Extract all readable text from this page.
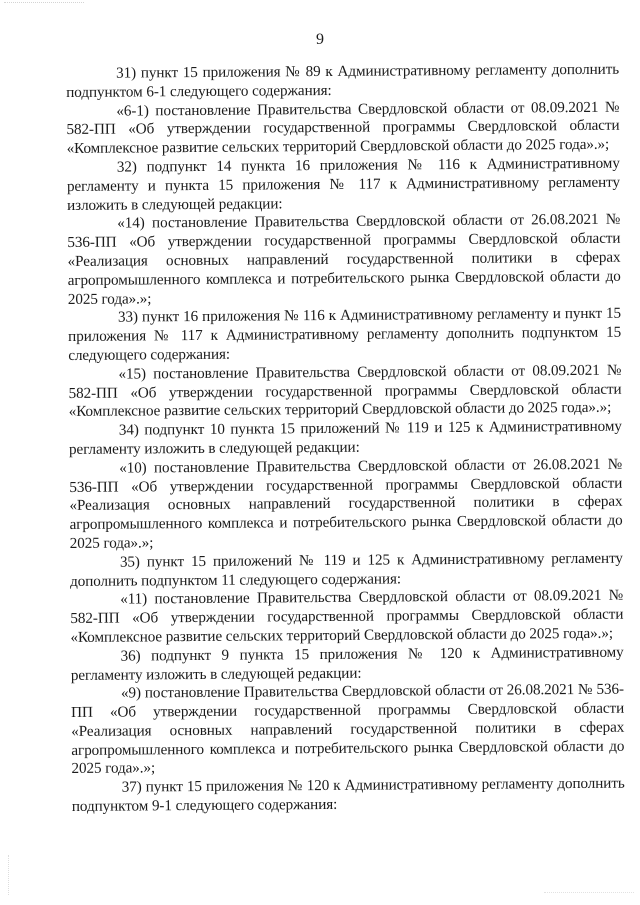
9

31) пункт 15 приложения № 89 к Административному регламенту дополнить подпунктом 6-1 следующего содержания:

«6-1) постановление Правительства Свердловской области от 08.09.2021 № 582-ПП «Об утверждении государственной программы Свердловской области «Комплексное развитие сельских территорий Свердловской области до 2025 года».»;

32) подпункт 14 пункта 16 приложения № 116 к Административному регламенту и пункта 15 приложения № 117 к Административному регламенту изложить в следующей редакции:

«14) постановление Правительства Свердловской области от 26.08.2021 № 536-ПП «Об утверждении государственной программы Свердловской области «Реализация основных направлений государственной политики в сферах агропромышленного комплекса и потребительского рынка Свердловской области до 2025 года».»;

33) пункт 16 приложения № 116 к Административному регламенту и пункт 15 приложения № 117 к Административному регламенту дополнить подпунктом 15 следующего содержания:

«15) постановление Правительства Свердловской области от 08.09.2021 № 582-ПП «Об утверждении государственной программы Свердловской области «Комплексное развитие сельских территорий Свердловской области до 2025 года».»;

34) подпункт 10 пункта 15 приложений № 119 и 125 к Административному регламенту изложить в следующей редакции:

«10) постановление Правительства Свердловской области от 26.08.2021 № 536-ПП «Об утверждении государственной программы Свердловской области «Реализация основных направлений государственной политики в сферах агропромышленного комплекса и потребительского рынка Свердловской области до 2025 года».»;

35) пункт 15 приложений № 119 и 125 к Административному регламенту дополнить подпунктом 11 следующего содержания:

«11) постановление Правительства Свердловской области от 08.09.2021 № 582-ПП «Об утверждении государственной программы Свердловской области «Комплексное развитие сельских территорий Свердловской области до 2025 года».»;

36) подпункт 9 пункта 15 приложения № 120 к Административному регламенту изложить в следующей редакции:

«9) постановление Правительства Свердловской области от 26.08.2021 № 536-ПП «Об утверждении государственной программы Свердловской области «Реализация основных направлений государственной политики в сферах агропромышленного комплекса и потребительского рынка Свердловской области до 2025 года».»;

37) пункт 15 приложения № 120 к Административному регламенту дополнить подпунктом 9-1 следующего содержания:
